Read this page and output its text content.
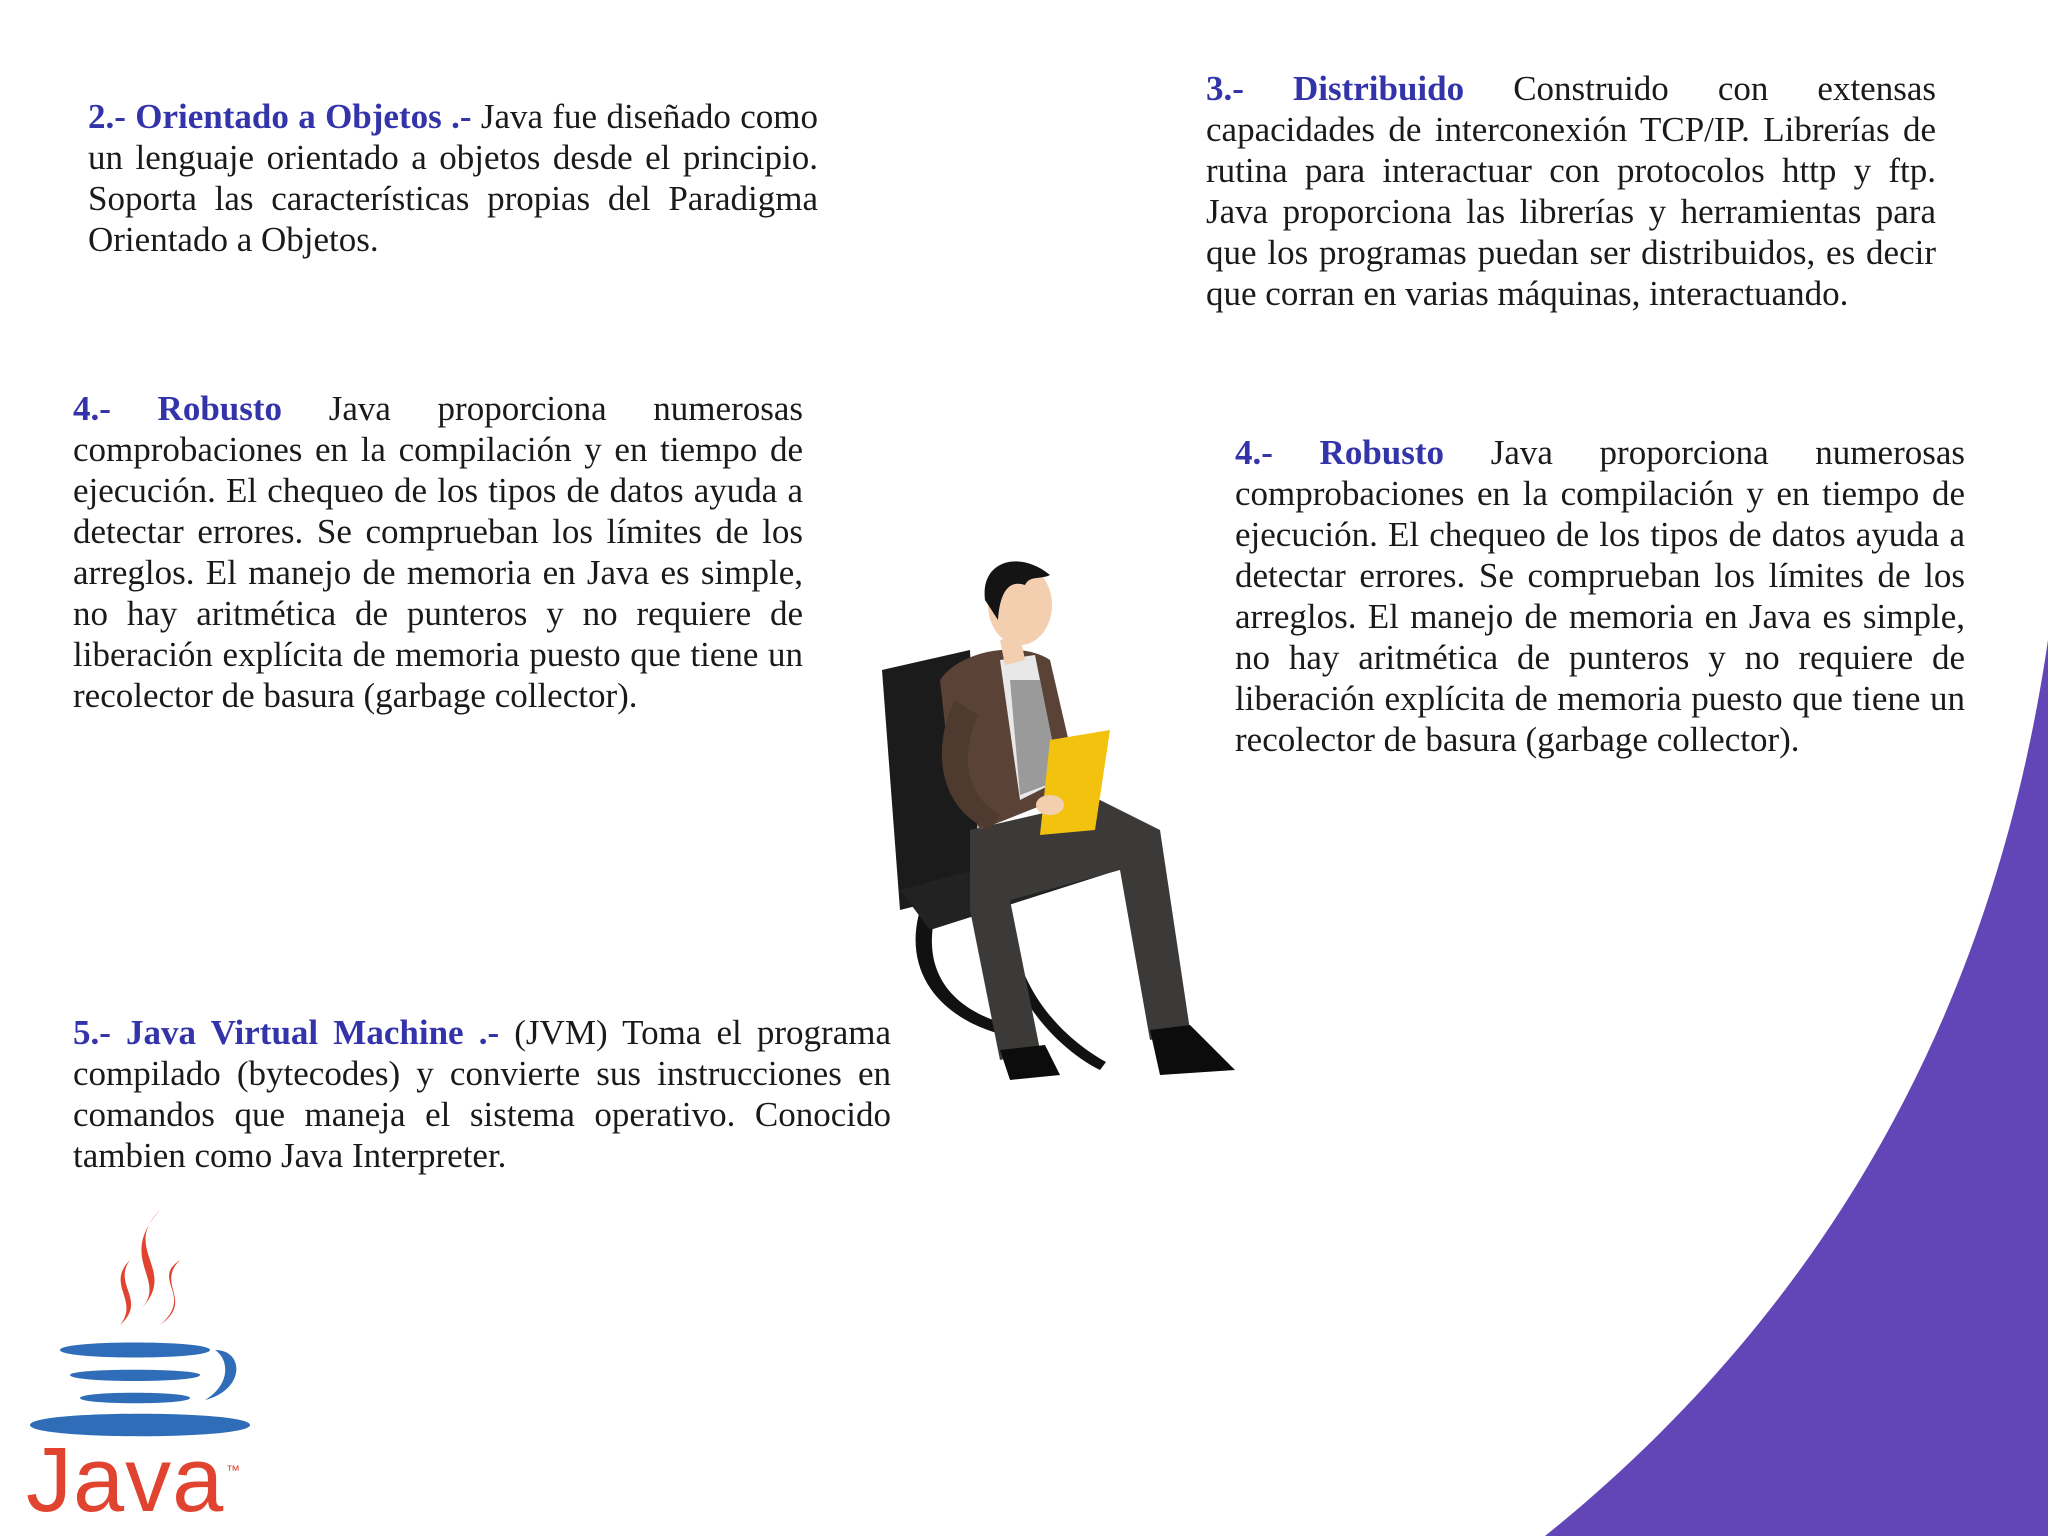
2.- Orientado a Objetos .- Java fue diseñado como un lenguaje orientado a objetos desde el principio. Soporta las características propias del Paradigma Orientado a Objetos.

3.- Distribuido Construido con extensas capacidades de interconexión TCP/IP. Librerías de rutina para interactuar con protocolos http y ftp. Java proporciona las librerías y herramientas para que los programas puedan ser distribuidos, es decir que corran en varias máquinas, interactuando.

4.- Robusto Java proporciona numerosas comprobaciones en la compilación y en tiempo de ejecución. El chequeo de los tipos de datos ayuda a detectar errores. Se comprueban los límites de los arreglos. El manejo de memoria en Java es simple, no hay aritmética de punteros y no requiere de liberación explícita de memoria puesto que tiene un recolector de basura (garbage collector).

4.- Robusto Java proporciona numerosas comprobaciones en la compilación y en tiempo de ejecución. El chequeo de los tipos de datos ayuda a detectar errores. Se comprueban los límites de los arreglos. El manejo de memoria en Java es simple, no hay aritmética de punteros y no requiere de liberación explícita de memoria puesto que tiene un recolector de basura (garbage collector).

5.- Java Virtual Machine .- (JVM) Toma el programa compilado (bytecodes) y convierte sus instrucciones en comandos que maneja el sistema operativo. Conocido tambien como Java Interpreter.

Java ™
